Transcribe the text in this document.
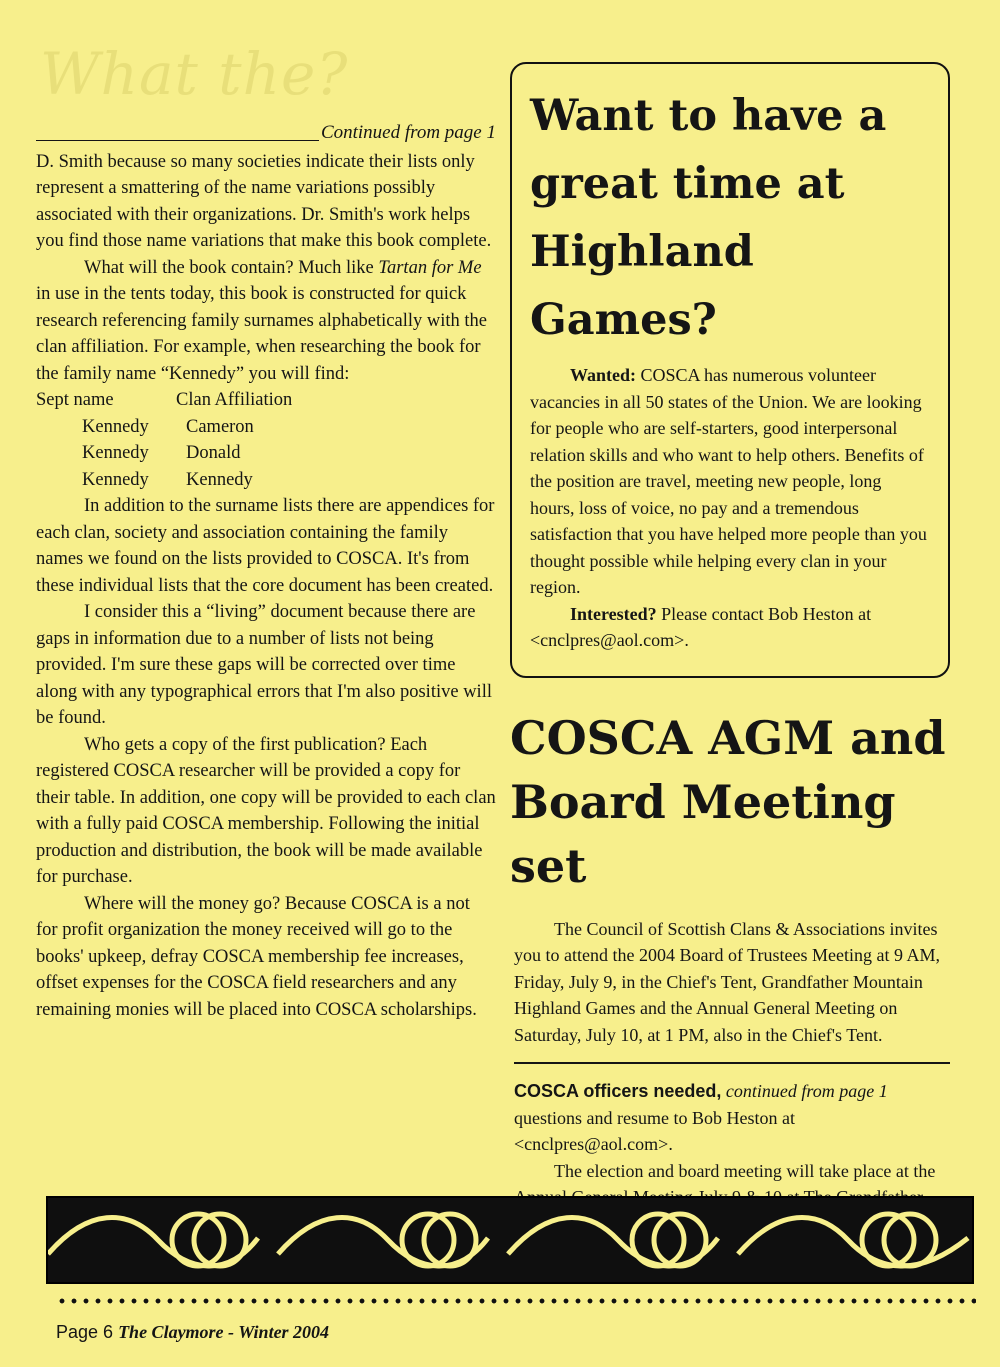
What the?
Continued from page 1

D. Smith because so many societies indicate their lists only represent a smattering of the name variations possibly associated with their organizations. Dr. Smith's work helps you find those name variations that make this book complete.

What will the book contain? Much like Tartan for Me in use in the tents today, this book is constructed for quick research referencing family surnames alphabetically with the clan affiliation. For example, when researching the book for the family name “Kennedy” you will find:

Sept name	Clan Affiliation
Kennedy	Cameron
Kennedy	Donald
Kennedy	Kennedy

In addition to the surname lists there are appendices for each clan, society and association containing the family names we found on the lists provided to COSCA. It's from these individual lists that the core document has been created.

I consider this a “living” document because there are gaps in information due to a number of lists not being provided. I'm sure these gaps will be corrected over time along with any typographical errors that I'm also positive will be found.

Who gets a copy of the first publication? Each registered COSCA researcher will be provided a copy for their table. In addition, one copy will be provided to each clan with a fully paid COSCA membership. Following the initial production and distribution, the book will be made available for purchase.

Where will the money go? Because COSCA is a not for profit organization the money received will go to the books' upkeep, defray COSCA membership fee increases, offset expenses for the COSCA field researchers and any remaining monies will be placed into COSCA scholarships.

Want to have a great time at Highland Games?

Wanted: COSCA has numerous volunteer vacancies in all 50 states of the Union. We are looking for people who are self-starters, good interpersonal relation skills and who want to help others. Benefits of the position are travel, meeting new people, long hours, loss of voice, no pay and a tremendous satisfaction that you have helped more people than you thought possible while helping every clan in your region.

Interested? Please contact Bob Heston at <cnclpres@aol.com>.

COSCA AGM and Board Meeting set

The Council of Scottish Clans & Associations invites you to attend the 2004 Board of Trustees Meeting at 9 AM, Friday, July 9, in the Chief's Tent, Grandfather Mountain Highland Games and the Annual General Meeting on Saturday, July 10, at 1 PM, also in the Chief's Tent.

COSCA officers needed, continued from page 1

questions and resume to Bob Heston at <cnclpres@aol.com>.

The election and board meeting will take place at the

Page 6 The Claymore - Winter 2004
